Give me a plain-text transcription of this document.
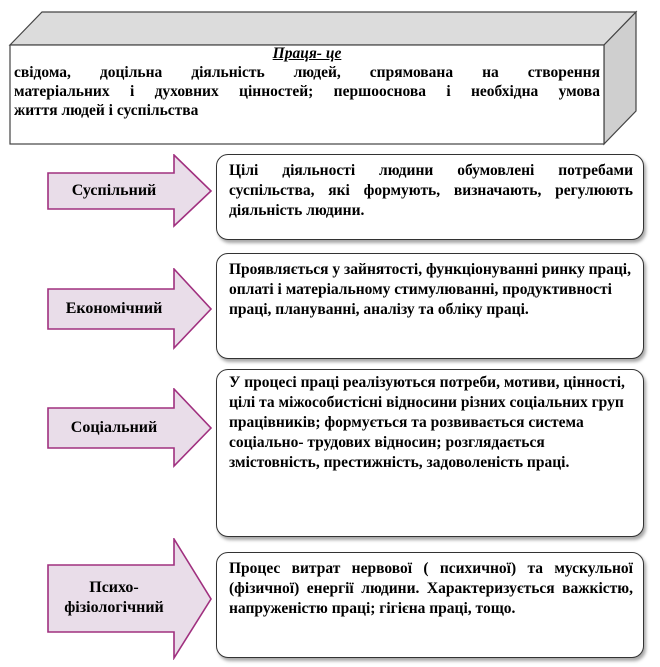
Праця- це
свідома, доцільна діяльність людей, спрямована на створення
матеріальних і духовних цінностей; першооснова і необхідна умова
життя людей і суспільства
Суспільний
Цілі діяльності людини обумовлені потребами суспільства, які формують, визначають, регулюють діяльність людини.
Економічний
Проявляється у зайнятості, функціонуванні ринку праці, оплаті і матеріальному стимулюванні, продуктивності праці, плануванні, аналізу та обліку праці.
Соціальний
У процесі праці реалізуються потреби, мотиви, цінності, цілі та міжособистісні відносини різних соціальних груп працівників; формується та розвивається система соціально- трудових відносин; розглядається змістовність, престижність, задоволеність праці.
Психо-
фізіологічний
Процес витрат нервової ( психичної) та мускульної (фізичної) енергії людини. Характеризується важкістю, напруженістю праці; гігієна праці, тощо.
